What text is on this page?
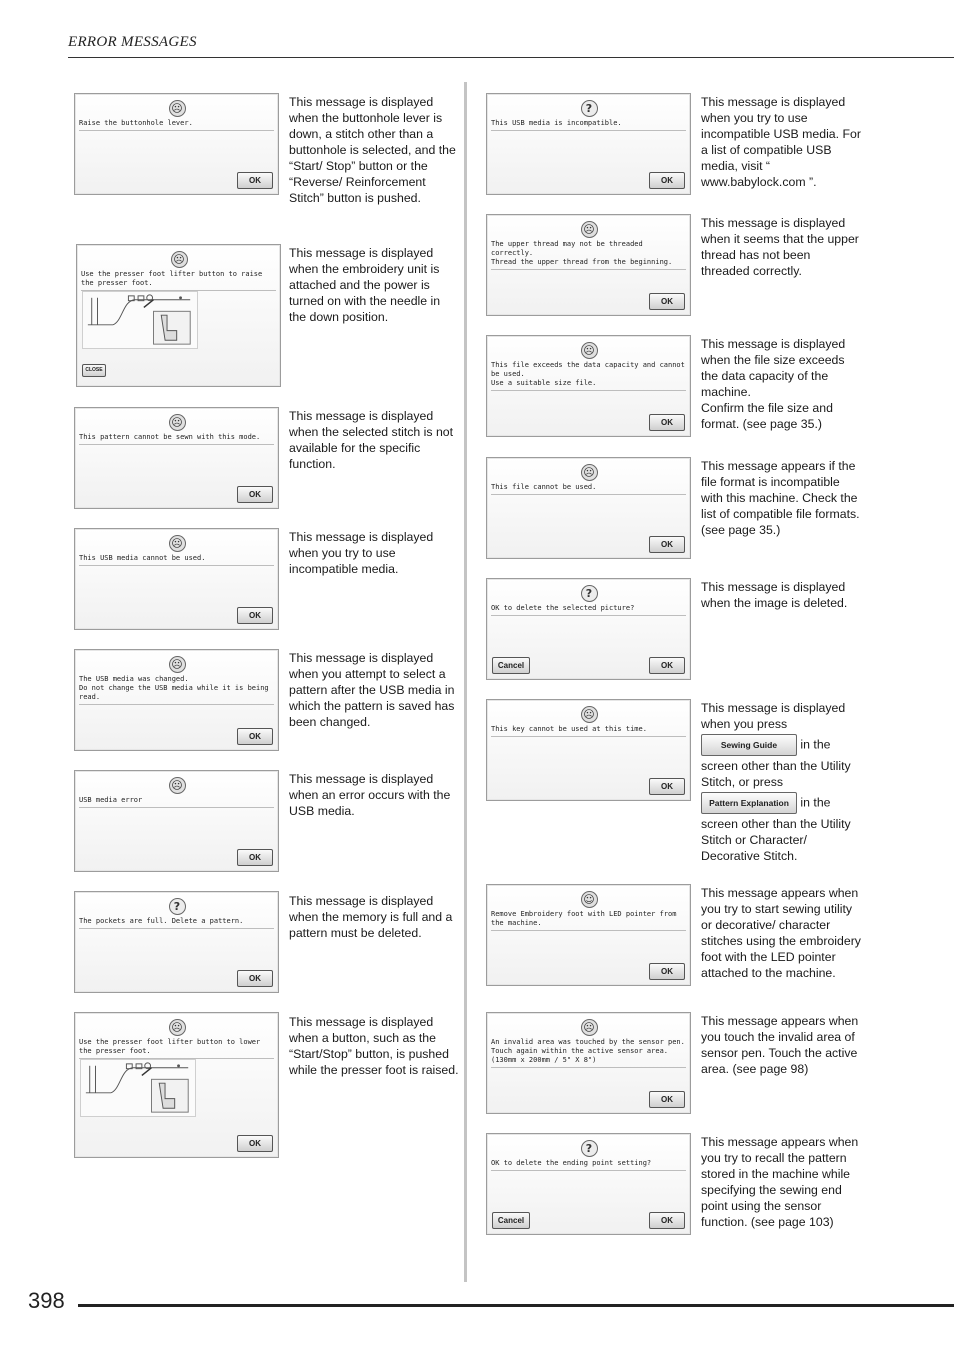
ERROR MESSAGES
☹
Raise the buttonhole lever.
OK
This message is displayed when the buttonhole lever is down, a stitch other than a buttonhole is selected, and the “Start/ Stop” button or the “Reverse/ Reinforcement Stitch” button is pushed.
☹
Use the presser foot lifter button to raise the presser foot.
CLOSE
This message is displayed when the embroidery unit is attached and the power is turned on with the needle in the down position.
☹
This pattern cannot be sewn with this mode.
OK
This message is displayed when the selected stitch is not available for the specific function.
☹
This USB media cannot be used.
OK
This message is displayed when you try to use incompatible media.
☹
The USB media was changed.
Do not change the USB media while it is being read.
OK
This message is displayed when you attempt to select a pattern after the USB media in which the pattern is saved has been changed.
☹
USB media error
OK
This message is displayed when an error occurs with the USB media.
?
The pockets are full. Delete a pattern.
OK
This message is displayed when the memory is full and a pattern must be deleted.
☹
Use the presser foot lifter button to lower the presser foot.
OK
This message is displayed when a button, such as the “Start/Stop” button, is pushed while the presser foot is raised.
?
This USB media is incompatible.
OK
This message is displayed when you try to use incompatible USB media. For a list of compatible USB media, visit “ www.babylock.com ”.
☹
The upper thread may not be threaded correctly.
Thread the upper thread from the beginning.
OK
This message is displayed when it seems that the upper thread has not been threaded correctly.
☹
This file exceeds the data capacity and cannot be used.
Use a suitable size file.
OK
This message is displayed when the file size exceeds the data capacity of the machine.
Confirm the file size and format. (see page 35.)
☹
This file cannot be used.
OK
This message appears if the file format is incompatible with this machine. Check the list of compatible file formats. (see page 35.)
?
OK to delete the selected picture?
Cancel	OK
This message is displayed when the image is deleted.
☹
This key cannot be used at this time.
OK
This message is displayed when you press
Sewing Guide in the screen other than the Utility Stitch, or press
Pattern Explanation in the screen other than the Utility Stitch or Character/ Decorative Stitch.
☺
Remove Embroidery foot with LED pointer from the machine.
OK
This message appears when you try to start sewing utility or decorative/ character stitches using the embroidery foot with the LED pointer attached to the machine.
☹
An invalid area was touched by the sensor pen.
Touch again within the active sensor area.
(130mm x 200mm / 5" X 8")
OK
This message appears when you touch the invalid area of sensor pen. Touch the active area. (see page 98)
?
OK to delete the ending point setting?
Cancel	OK
This message appears when you try to recall the pattern stored in the machine while specifying the sewing end point using the sensor function. (see page 103)
398
